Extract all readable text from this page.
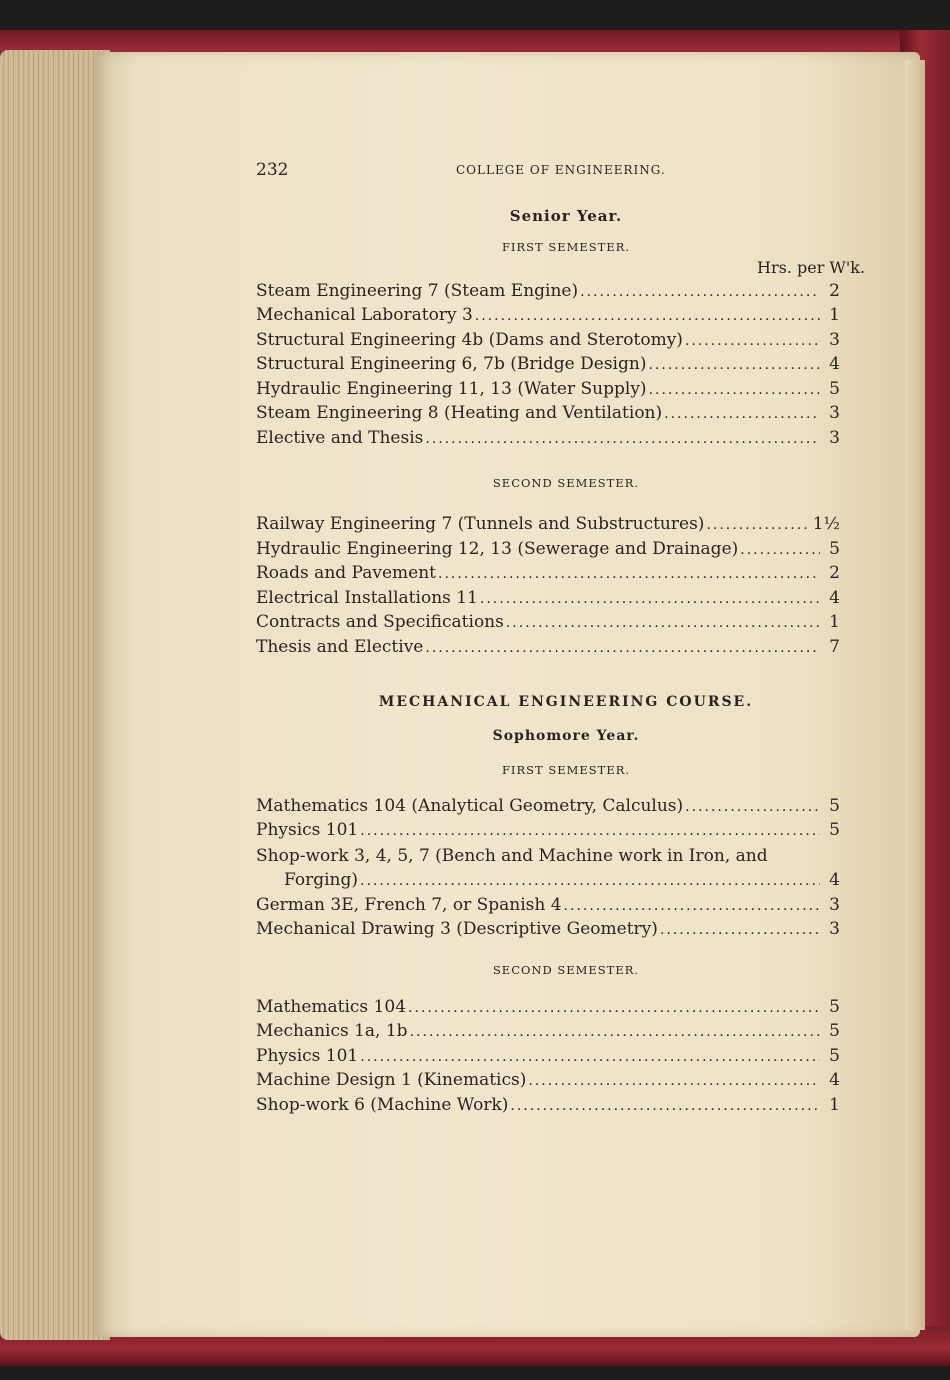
232	COLLEGE OF ENGINEERING.
Senior Year.
FIRST SEMESTER.
Hrs. per W'k.
Steam Engineering 7 (Steam Engine) .....	2
Mechanical Laboratory 3 .....	1
Structural Engineering 4b (Dams and Sterotomy) .....	3
Structural Engineering 6, 7b (Bridge Design) .....	4
Hydraulic Engineering 11, 13 (Water Supply) .....	5
Steam Engineering 8 (Heating and Ventilation) .....	3
Elective and Thesis .....	3
SECOND SEMESTER.
Railway Engineering 7 (Tunnels and Substructures) .....	1½
Hydraulic Engineering 12, 13 (Sewerage and Drainage) .....	5
Roads and Pavement .....	2
Electrical Installations 11 .....	4
Contracts and Specifications .....	1
Thesis and Elective .....	7
MECHANICAL ENGINEERING COURSE.
Sophomore Year.
FIRST SEMESTER.
Mathematics 104 (Analytical Geometry, Calculus) .....	5
Physics 101 .....	5
Shop-work 3, 4, 5, 7 (Bench and Machine work in Iron, and
Forging) .....	4
German 3E, French 7, or Spanish 4 .....	3
Mechanical Drawing 3 (Descriptive Geometry) .....	3
SECOND SEMESTER.
Mathematics 104 .....	5
Mechanics 1a, 1b .....	5
Physics 101 .....	5
Machine Design 1 (Kinematics) .....	4
Shop-work 6 (Machine Work) .....	1
